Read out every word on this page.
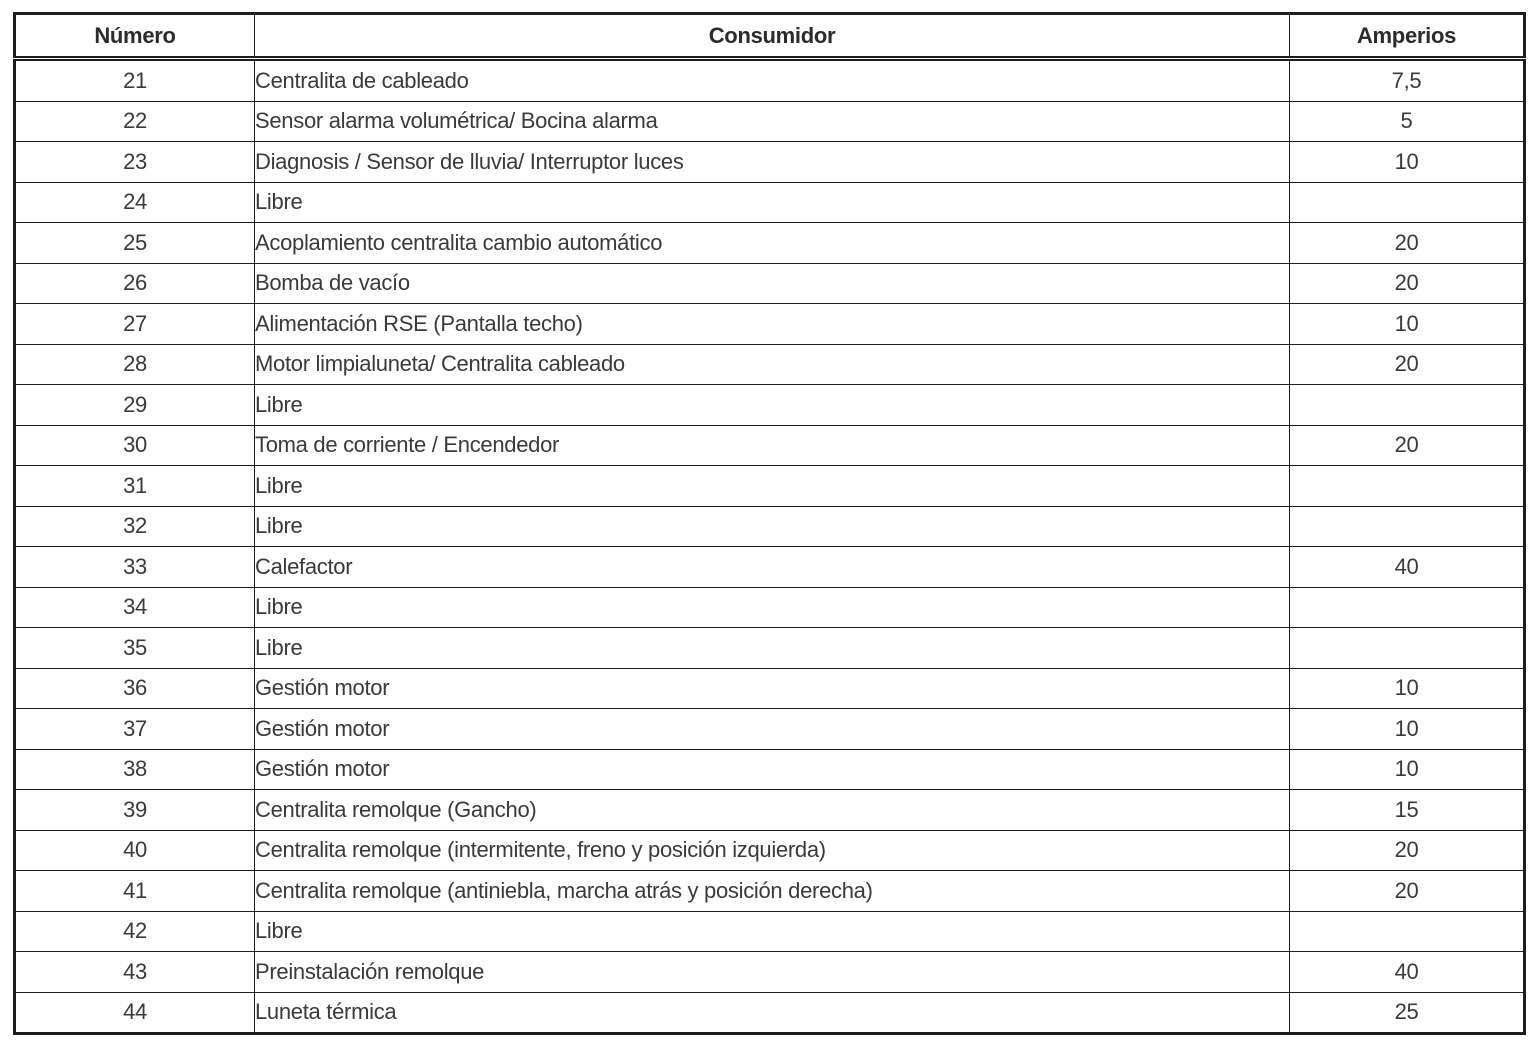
Número	Consumidor	Amperios
21	Centralita de cableado	7,5
22	Sensor alarma volumétrica/ Bocina alarma	5
23	Diagnosis / Sensor de lluvia/ Interruptor luces	10
24	Libre	
25	Acoplamiento centralita cambio automático	20
26	Bomba de vacío	20
27	Alimentación RSE (Pantalla techo)	10
28	Motor limpialuneta/ Centralita cableado	20
29	Libre	
30	Toma de corriente / Encendedor	20
31	Libre	
32	Libre	
33	Calefactor	40
34	Libre	
35	Libre	
36	Gestión motor	10
37	Gestión motor	10
38	Gestión motor	10
39	Centralita remolque (Gancho)	15
40	Centralita remolque (intermitente, freno y posición izquierda)	20
41	Centralita remolque (antiniebla, marcha atrás y posición derecha)	20
42	Libre	
43	Preinstalación remolque	40
44	Luneta térmica	25
